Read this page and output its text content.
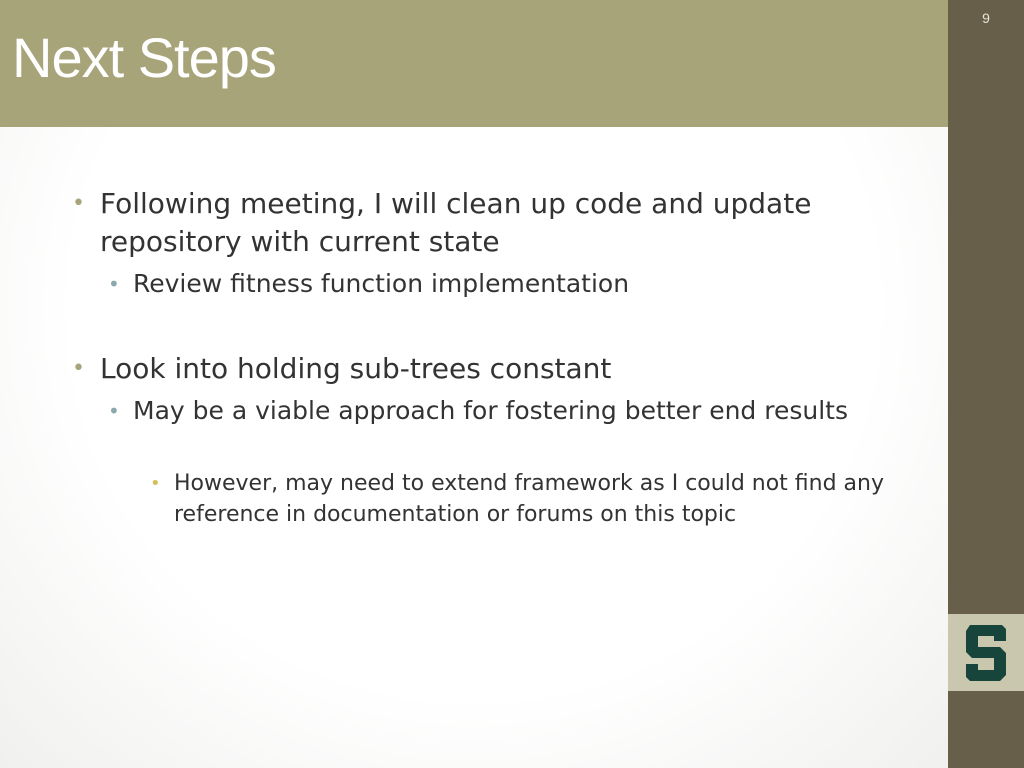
Next Steps
9
• Following meeting, I will clean up code and update repository with current state
• Review fitness function implementation
• Look into holding sub-trees constant
• May be a viable approach for fostering better end results
• However, may need to extend framework as I could not find any reference in documentation or forums on this topic
